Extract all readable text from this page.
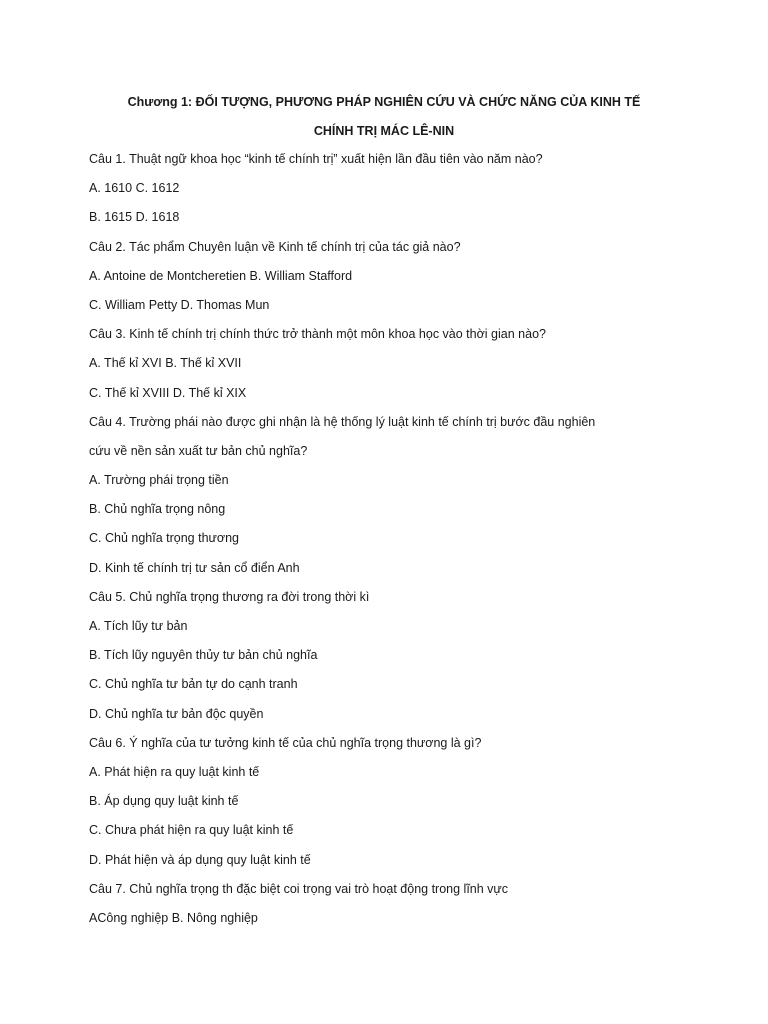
Chương 1: ĐỐI TƯỢNG, PHƯƠNG PHÁP NGHIÊN CỨU VÀ CHỨC NĂNG CỦA KINH TẾ
CHÍNH TRỊ MÁC LÊ-NIN
Câu 1. Thuật ngữ khoa học “kinh tế chính trị” xuất hiện lần đầu tiên vào năm nào?
A. 1610 C. 1612
B. 1615 D. 1618
Câu 2. Tác phẩm Chuyên luận về Kinh tế chính trị của tác giả nào?
A. Antoine de Montcheretien B. William Stafford
C. William Petty D. Thomas Mun
Câu 3. Kinh tế chính trị chính thức trở thành một môn khoa học vào thời gian nào?
A. Thế kỉ XVI B. Thế kỉ XVII
C. Thế kỉ XVIII D. Thế kỉ XIX
Câu 4. Trường phái nào được ghi nhận là hệ thống lý luật kinh tế chính trị bước đầu nghiên
cứu về nền sản xuất tư bản chủ nghĩa?
A. Trường phái trọng tiền
B. Chủ nghĩa trọng nông
C. Chủ nghĩa trọng thương
D. Kinh tế chính trị tư sản cổ điển Anh
Câu 5. Chủ nghĩa trọng thương ra đời trong thời kì
A. Tích lũy tư bản
B. Tích lũy nguyên thủy tư bản chủ nghĩa
C. Chủ nghĩa tư bản tự do cạnh tranh
D. Chủ nghĩa tư bản độc quyền
Câu 6. Ý nghĩa của tư tưởng kinh tế của chủ nghĩa trọng thương là gì?
A. Phát hiện ra quy luật kinh tế
B. Áp dụng quy luật kinh tế
C. Chưa phát hiện ra quy luật kinh tế
D. Phát hiện và áp dụng quy luật kinh tế
Câu 7. Chủ nghĩa trọng th đặc biệt coi trọng vai trò hoạt động trong lĩnh vực
ACông nghiệp B. Nông nghiệp
